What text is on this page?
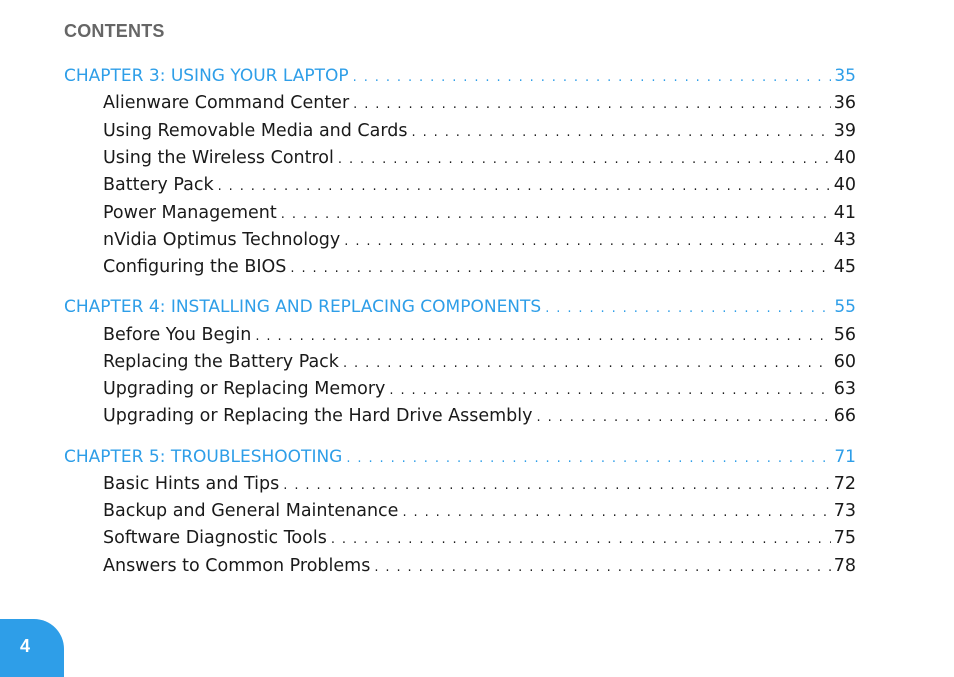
CONTENTS
CHAPTER 3: USING YOUR LAPTOP . . .	35
Alienware Command Center . . .	36
Using Removable Media and Cards . . .	39
Using the Wireless Control . . .	40
Battery Pack . . .	40
Power Management . . .	41
nVidia Optimus Technology . . .	43
Configuring the BIOS . . .	45
CHAPTER 4: INSTALLING AND REPLACING COMPONENTS . . .	55
Before You Begin . . .	56
Replacing the Battery Pack . . .	60
Upgrading or Replacing Memory . . .	63
Upgrading or Replacing the Hard Drive Assembly . . .	66
CHAPTER 5: TROUBLESHOOTING . . .	71
Basic Hints and Tips . . .	72
Backup and General Maintenance . . .	73
Software Diagnostic Tools . . .	75
Answers to Common Problems . . .	78
4
